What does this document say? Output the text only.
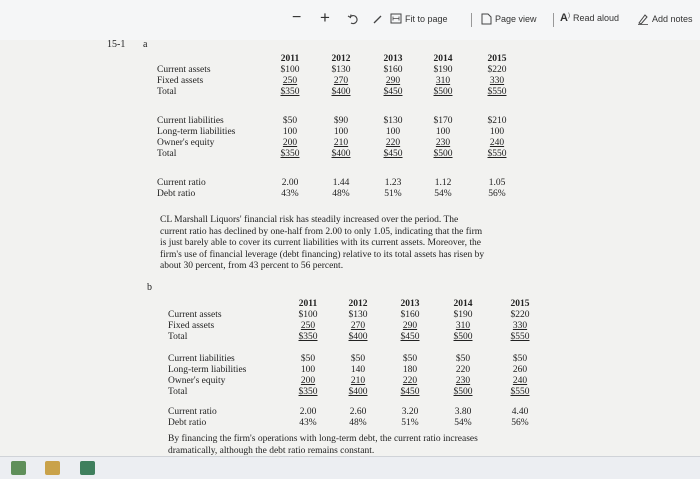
− +	Fit to page	Page view A ) Read aloud	Add notes
15-1 a
b
2011	2012	2013	2014	2015
Current assets	$100	$130	$160	$190	$220
Fixed assets	250	270	290	310	330
Total	$350	$400	$450	$500	$550
Current liabilities	$50	$90	$130	$170	$210
Long-term liabilities	100	100	100	100	100
Owner's equity	200	210	220	230	240
Total	$350	$400	$450	$500	$550
Current ratio	2.00	1.44	1.23	1.12	1.05
Debt ratio	43%	48%	51%	54%	56%
CL Marshall Liquors' financial risk has steadily increased over the period. The
current ratio has declined by one-half from 2.00 to only 1.05, indicating that the firm
is just barely able to cover its current liabilities with its current assets. Moreover, the
firm's use of financial leverage (debt financing) relative to its total assets has risen by
about 30 percent, from 43 percent to 56 percent.
2011	2012	2013	2014	2015
Current assets	$100	$130	$160	$190	$220
Fixed assets	250	270	290	310	330
Total	$350	$400	$450	$500	$550
Current liabilities	$50	$50	$50	$50	$50
Long-term liabilities	100	140	180	220	260
Owner's equity	200	210	220	230	240
Total	$350	$400	$450	$500	$550
Current ratio	2.00	2.60	3.20	3.80	4.40
Debt ratio	43%	48%	51%	54%	56%
By financing the firm's operations with long-term debt, the current ratio increases
dramatically, although the debt ratio remains constant.
